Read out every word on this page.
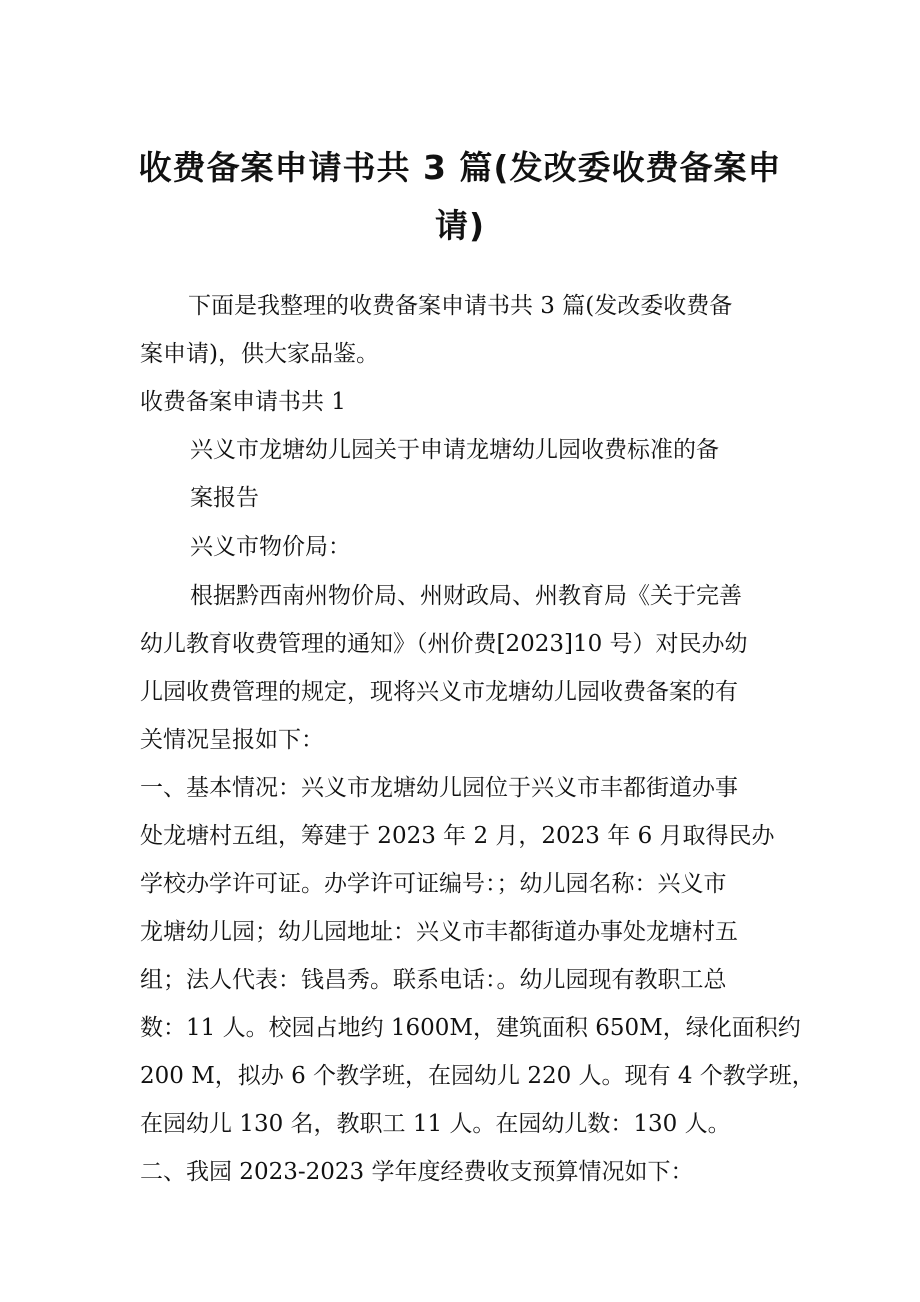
收费备案申请书共 3 篇(发改委收费备案申
请)

下面是我整理的收费备案申请书共 3 篇(发改委收费备

案申请)，供大家品鉴。

收费备案申请书共 1

兴义市龙塘幼儿园关于申请龙塘幼儿园收费标准的备

案报告

兴义市物价局：

根据黔西南州物价局、州财政局、州教育局《关于完善

幼儿教育收费管理的通知》（州价费[2023]10 号）对民办幼

儿园收费管理的规定，现将兴义市龙塘幼儿园收费备案的有

关情况呈报如下：

一、基本情况：兴义市龙塘幼儿园位于兴义市丰都街道办事

处龙塘村五组，筹建于 2023 年 2 月，2023 年 6 月取得民办

学校办学许可证。办学许可证编号：；幼儿园名称：兴义市

龙塘幼儿园；幼儿园地址：兴义市丰都街道办事处龙塘村五

组；法人代表：钱昌秀。联系电话：。幼儿园现有教职工总

数：11 人。校园占地约 1600M，建筑面积 650M，绿化面积约

200 M，拟办 6 个教学班，在园幼儿 220 人。现有 4 个教学班，

在园幼儿 130 名，教职工 11 人。在园幼儿数：130 人。

二、我园 2023-2023 学年度经费收支预算情况如下：
